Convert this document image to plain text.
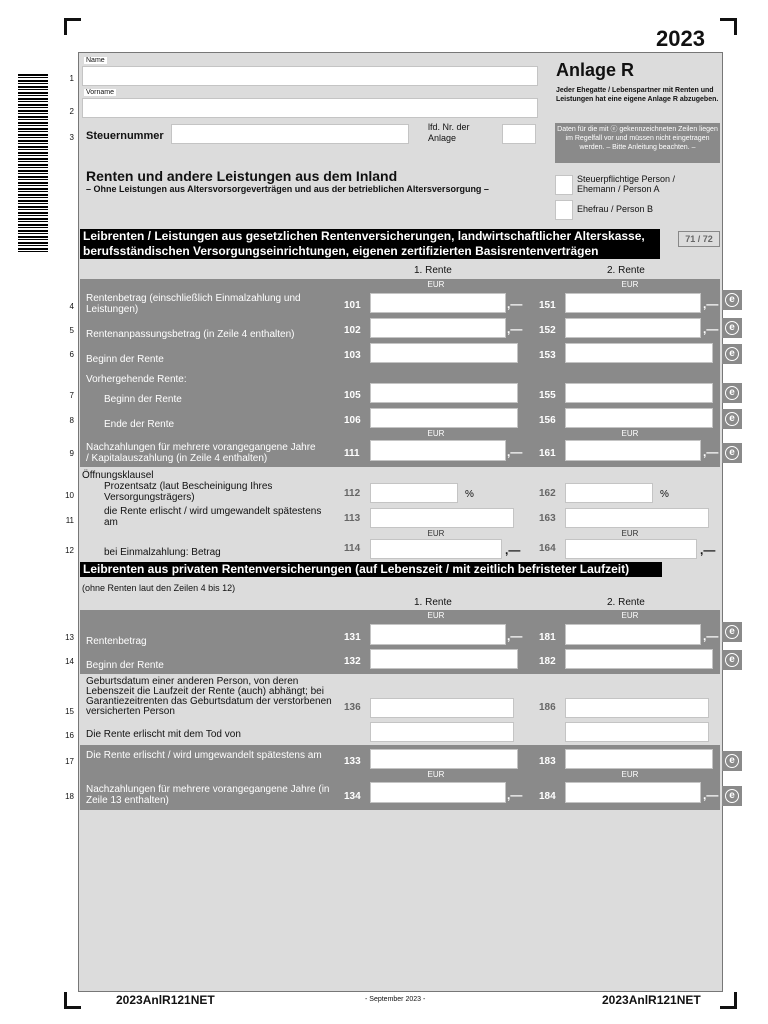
2023
1
Name
2
Vorname
3 Steuernummer
lfd. Nr. der Anlage
Anlage R
Jeder Ehegatte / Lebenspartner mit Renten und Leistungen hat eine eigene Anlage R abzugeben.
Daten für die mit ⓔ gekennzeichneten Zeilen liegen im Regelfall vor und müssen nicht eingetragen werden. – Bitte Anleitung beachten. –
Steuerpflichtige Person / Ehemann / Person A
Ehefrau / Person B
Renten und andere Leistungen aus dem Inland
– Ohne Leistungen aus Altersvorsorgeverträgen und aus der betrieblichen Altersversorgung –
Leibrenten / Leistungen aus gesetzlichen Rentenversicherungen, landwirtschaftlicher Alterskasse, berufsständischen Versorgungseinrichtungen, eigenen zertifizierten Basisrentenverträgen
71 / 72
1. Rente	2. Rente
EUR	EUR
4
Rentenbetrag (einschließlich Einmalzahlung und Leistungen)	101	,— 151	,—
5 Rentenanpassungsbetrag (in Zeile 4 enthalten)	102	,— 152	,—
6 Beginn der Rente	103	153
Vorhergehende Rente:
7	Beginn der Rente	105	155
8	Ende der Rente	106	156
EUR	EUR
9
Nachzahlungen für mehrere vorangegangene Jahre / Kapitalauszahlung (in Zeile 4 enthalten)	111	,— 161	,—
e
e
e
e
e
e
Öffnungsklausel
10
Prozentsatz (laut Bescheinigung Ihres Versorgungsträgers)	112	%	162	%
11
die Rente erlischt / wird umgewandelt spätestens am	113	163
EUR	EUR
12	bei Einmalzahlung: Betrag	114	,— 164	,—
Leibrenten aus privaten Rentenversicherungen (auf Lebenszeit / mit zeitlich befristeter Laufzeit)
(ohne Renten laut den Zeilen 4 bis 12)
1. Rente	2. Rente
EUR	EUR
13 Rentenbetrag	131	,— 181	,—
14 Beginn der Rente	132	182
e
e
15
Geburtsdatum einer anderen Person, von deren Lebenszeit die Laufzeit der Rente (auch) abhängt; bei Garantiezeitrenten das Geburtsdatum der verstorbenen versicherten Person	136	186
16 Die Rente erlischt mit dem Tod von
17
Die Rente erlischt / wird umgewandelt spätestens am
133	183
EUR	EUR
18
Nachzahlungen für mehrere vorangegangene Jahre (in Zeile 13 enthalten)	134	,— 184	,—
e
e
2023AnlR121NET	- September 2023 -	2023AnlR121NET
